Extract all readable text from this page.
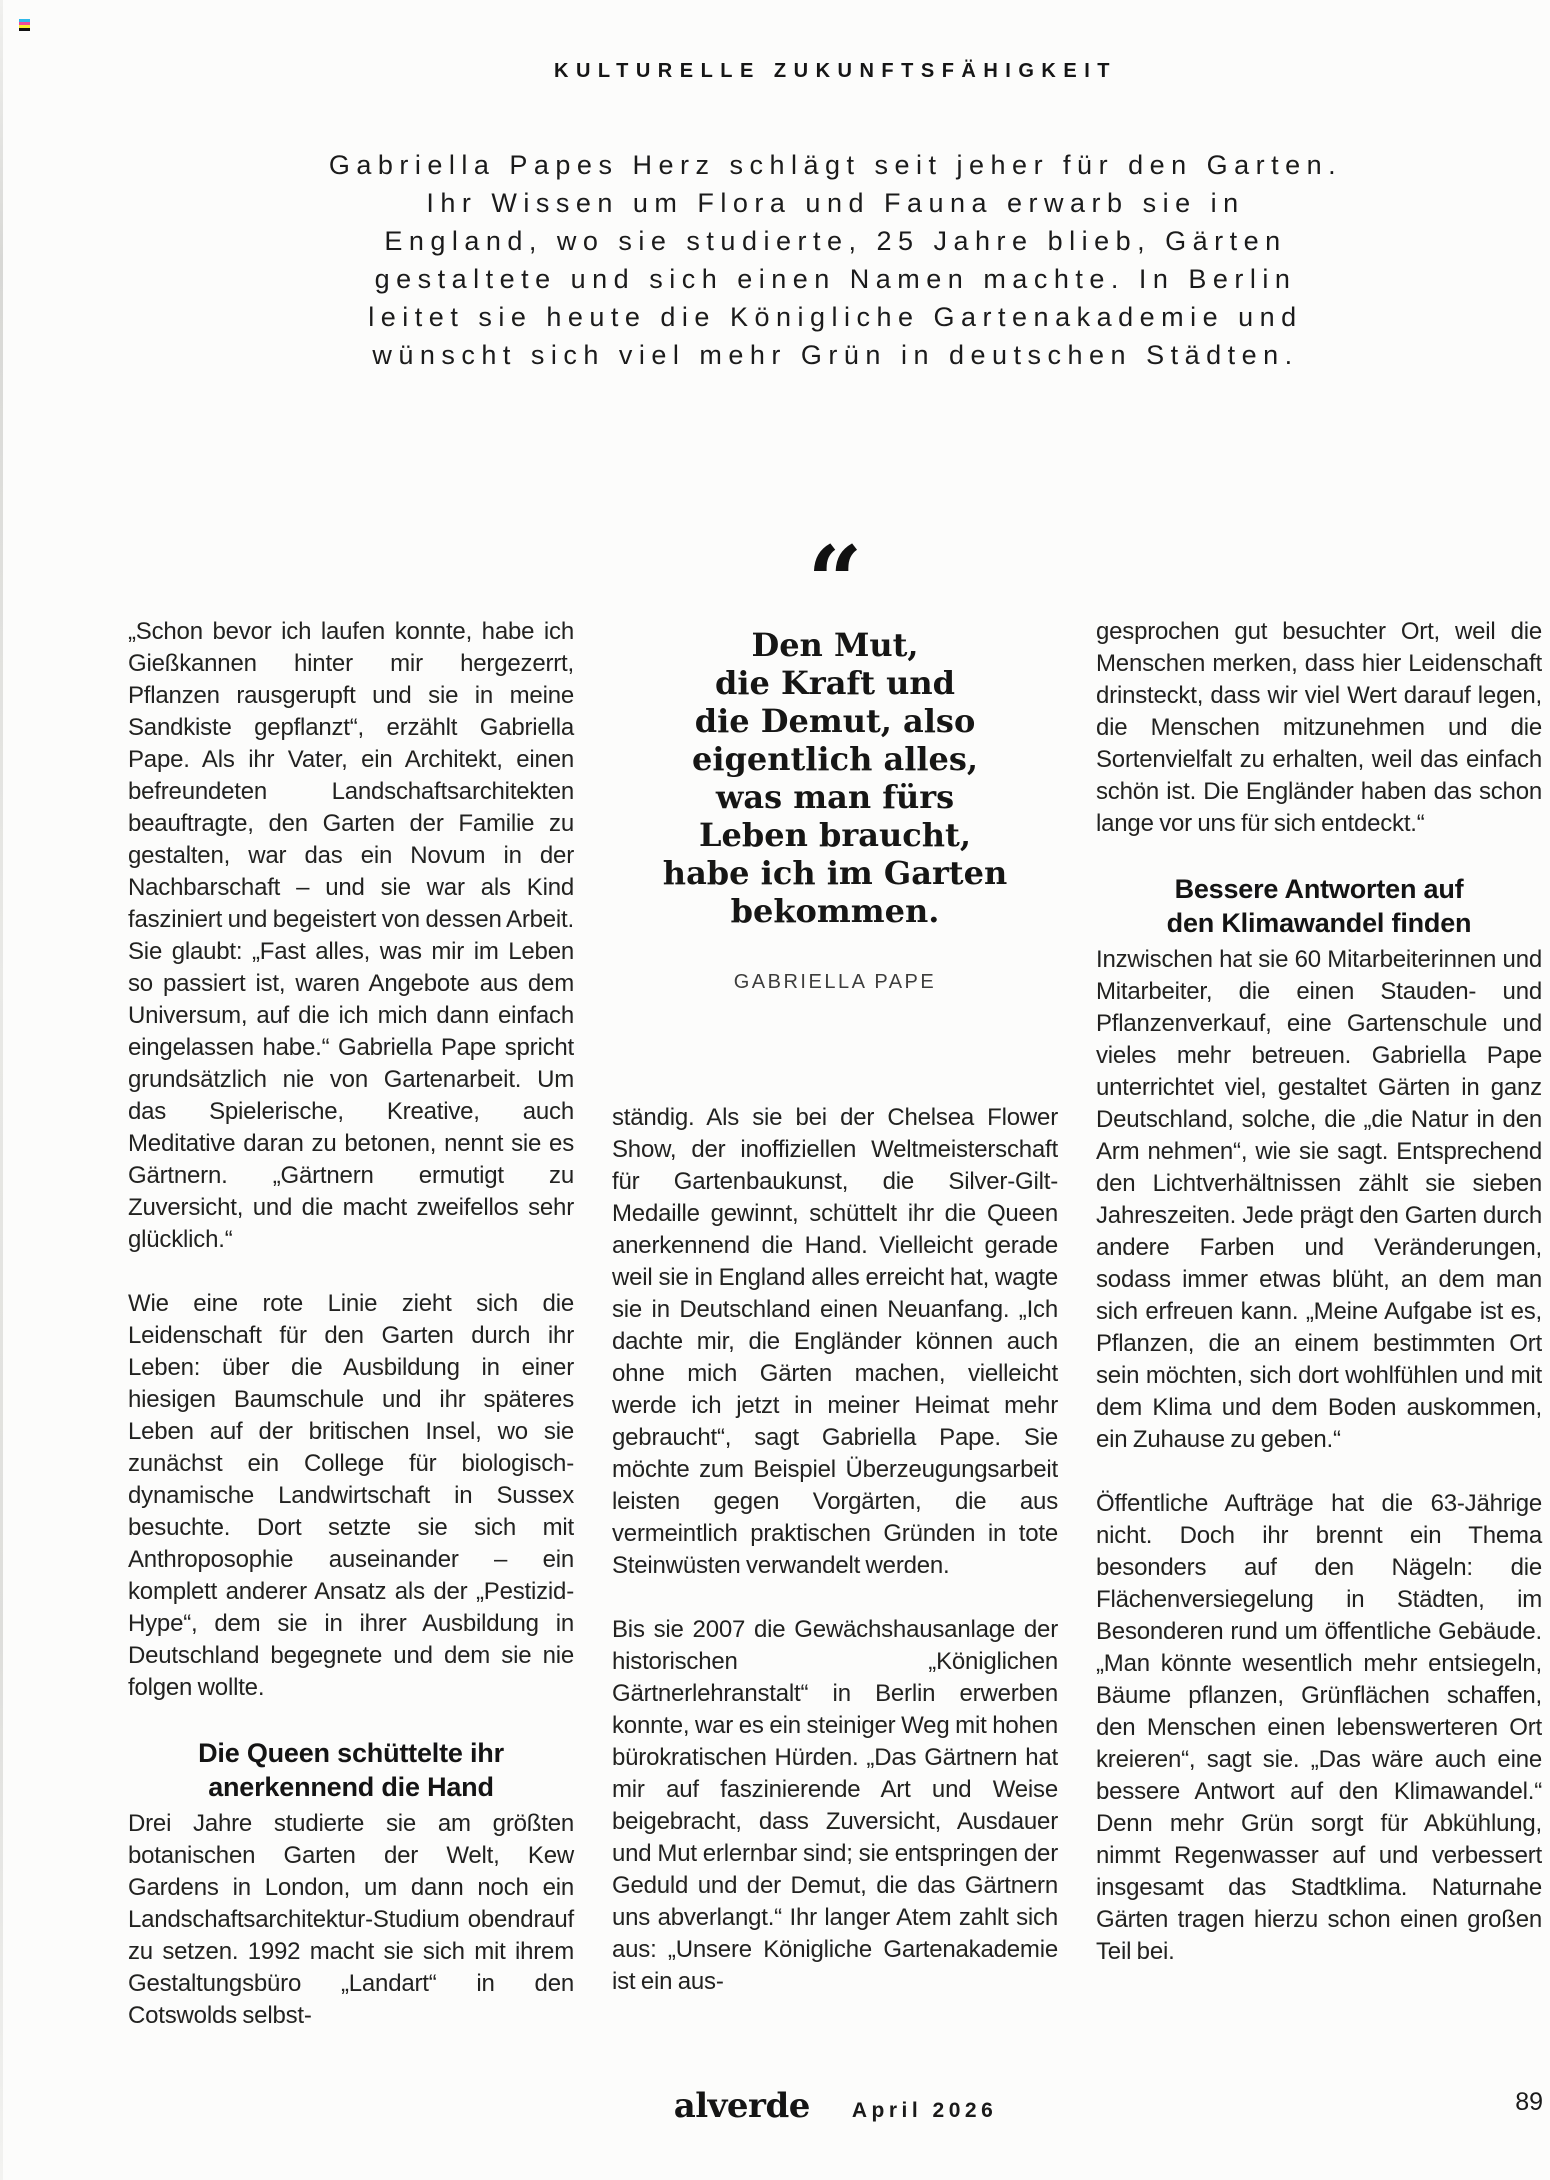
KULTURELLE ZUKUNFTSFÄHIGKEIT
Gabriella Papes Herz schlägt seit jeher für den Garten.
Ihr Wissen um Flora und Fauna erwarb sie in
England, wo sie studierte, 25 Jahre blieb, Gärten
gestaltete und sich einen Namen machte. In Berlin
leitet sie heute die Königliche Gartenakademie und
wünscht sich viel mehr Grün in deutschen Städten.

„Schon bevor ich laufen konnte, habe ich Gießkannen hinter mir hergezerrt, Pflanzen rausgerupft und sie in meine Sandkiste gepflanzt“, erzählt Gabriella Pape. Als ihr Vater, ein Architekt, einen befreundeten Landschaftsarchitekten beauftragte, den Garten der Familie zu gestalten, war das ein Novum in der Nachbarschaft – und sie war als Kind fasziniert und begeistert von dessen Arbeit. Sie glaubt: „Fast alles, was mir im Leben so passiert ist, waren Angebote aus dem Universum, auf die ich mich dann einfach eingelassen habe.“ Gabriella Pape spricht grundsätzlich nie von Gartenarbeit. Um das Spielerische, Kreative, auch Meditative daran zu betonen, nennt sie es Gärtnern. „Gärtnern ermutigt zu Zuversicht, und die macht zweifellos sehr glücklich.“

Wie eine rote Linie zieht sich die Leidenschaft für den Garten durch ihr Leben: über die Ausbildung in einer hiesigen Baumschule und ihr späteres Leben auf der britischen Insel, wo sie zunächst ein College für biologisch-dynamische Landwirtschaft in Sussex besuchte. Dort setzte sie sich mit Anthroposophie auseinander – ein komplett anderer Ansatz als der „Pestizid-Hype“, dem sie in ihrer Ausbildung in Deutschland begegnete und dem sie nie folgen wollte.

Die Queen schüttelte ihr
anerkennend die Hand

Drei Jahre studierte sie am größten botanischen Garten der Welt, Kew Gardens in London, um dann noch ein Landschaftsarchitektur-Studium obendrauf zu setzen. 1992 macht sie sich mit ihrem Gestaltungsbüro „Landart“ in den Cotswolds selbst-

“
Den Mut,
die Kraft und
die Demut, also
eigentlich alles,
was man fürs
Leben braucht,
habe ich im Garten
bekommen.
GABRIELLA PAPE

ständig. Als sie bei der Chelsea Flower Show, der inoffiziellen Weltmeisterschaft für Gartenbaukunst, die Silver-Gilt-Medaille gewinnt, schüttelt ihr die Queen anerkennend die Hand. Vielleicht gerade weil sie in England alles erreicht hat, wagte sie in Deutschland einen Neuanfang. „Ich dachte mir, die Engländer können auch ohne mich Gärten machen, vielleicht werde ich jetzt in meiner Heimat mehr gebraucht“, sagt Gabriella Pape. Sie möchte zum Beispiel Überzeugungsarbeit leisten gegen Vorgärten, die aus vermeintlich praktischen Gründen in tote Steinwüsten verwandelt werden.

Bis sie 2007 die Gewächshausanlage der historischen „Königlichen Gärtnerlehranstalt“ in Berlin erwerben konnte, war es ein steiniger Weg mit hohen bürokratischen Hürden. „Das Gärtnern hat mir auf faszinierende Art und Weise beigebracht, dass Zuversicht, Ausdauer und Mut erlernbar sind; sie entspringen der Geduld und der Demut, die das Gärtnern uns abverlangt.“ Ihr langer Atem zahlt sich aus: „Unsere Königliche Gartenakademie ist ein aus-

gesprochen gut besuchter Ort, weil die Menschen merken, dass hier Leidenschaft drinsteckt, dass wir viel Wert darauf legen, die Menschen mitzunehmen und die Sortenvielfalt zu erhalten, weil das einfach schön ist. Die Engländer haben das schon lange vor uns für sich entdeckt.“

Bessere Antworten auf
den Klimawandel finden

Inzwischen hat sie 60 Mitarbeiterinnen und Mitarbeiter, die einen Stauden- und Pflanzenverkauf, eine Gartenschule und vieles mehr betreuen. Gabriella Pape unterrichtet viel, gestaltet Gärten in ganz Deutschland, solche, die „die Natur in den Arm nehmen“, wie sie sagt. Entsprechend den Lichtverhältnissen zählt sie sieben Jahreszeiten. Jede prägt den Garten durch andere Farben und Veränderungen, sodass immer etwas blüht, an dem man sich erfreuen kann. „Meine Aufgabe ist es, Pflanzen, die an einem bestimmten Ort sein möchten, sich dort wohlfühlen und mit dem Klima und dem Boden auskommen, ein Zuhause zu geben.“

Öffentliche Aufträge hat die 63-Jährige nicht. Doch ihr brennt ein Thema besonders auf den Nägeln: die Flächenversiegelung in Städten, im Besonderen rund um öffentliche Gebäude. „Man könnte wesentlich mehr entsiegeln, Bäume pflanzen, Grünflächen schaffen, den Menschen einen lebenswerteren Ort kreieren“, sagt sie. „Das wäre auch eine bessere Antwort auf den Klimawandel.“ Denn mehr Grün sorgt für Abkühlung, nimmt Regenwasser auf und verbessert insgesamt das Stadtklima. Naturnahe Gärten tragen hierzu schon einen großen Teil bei.

alverde April 2026	89
